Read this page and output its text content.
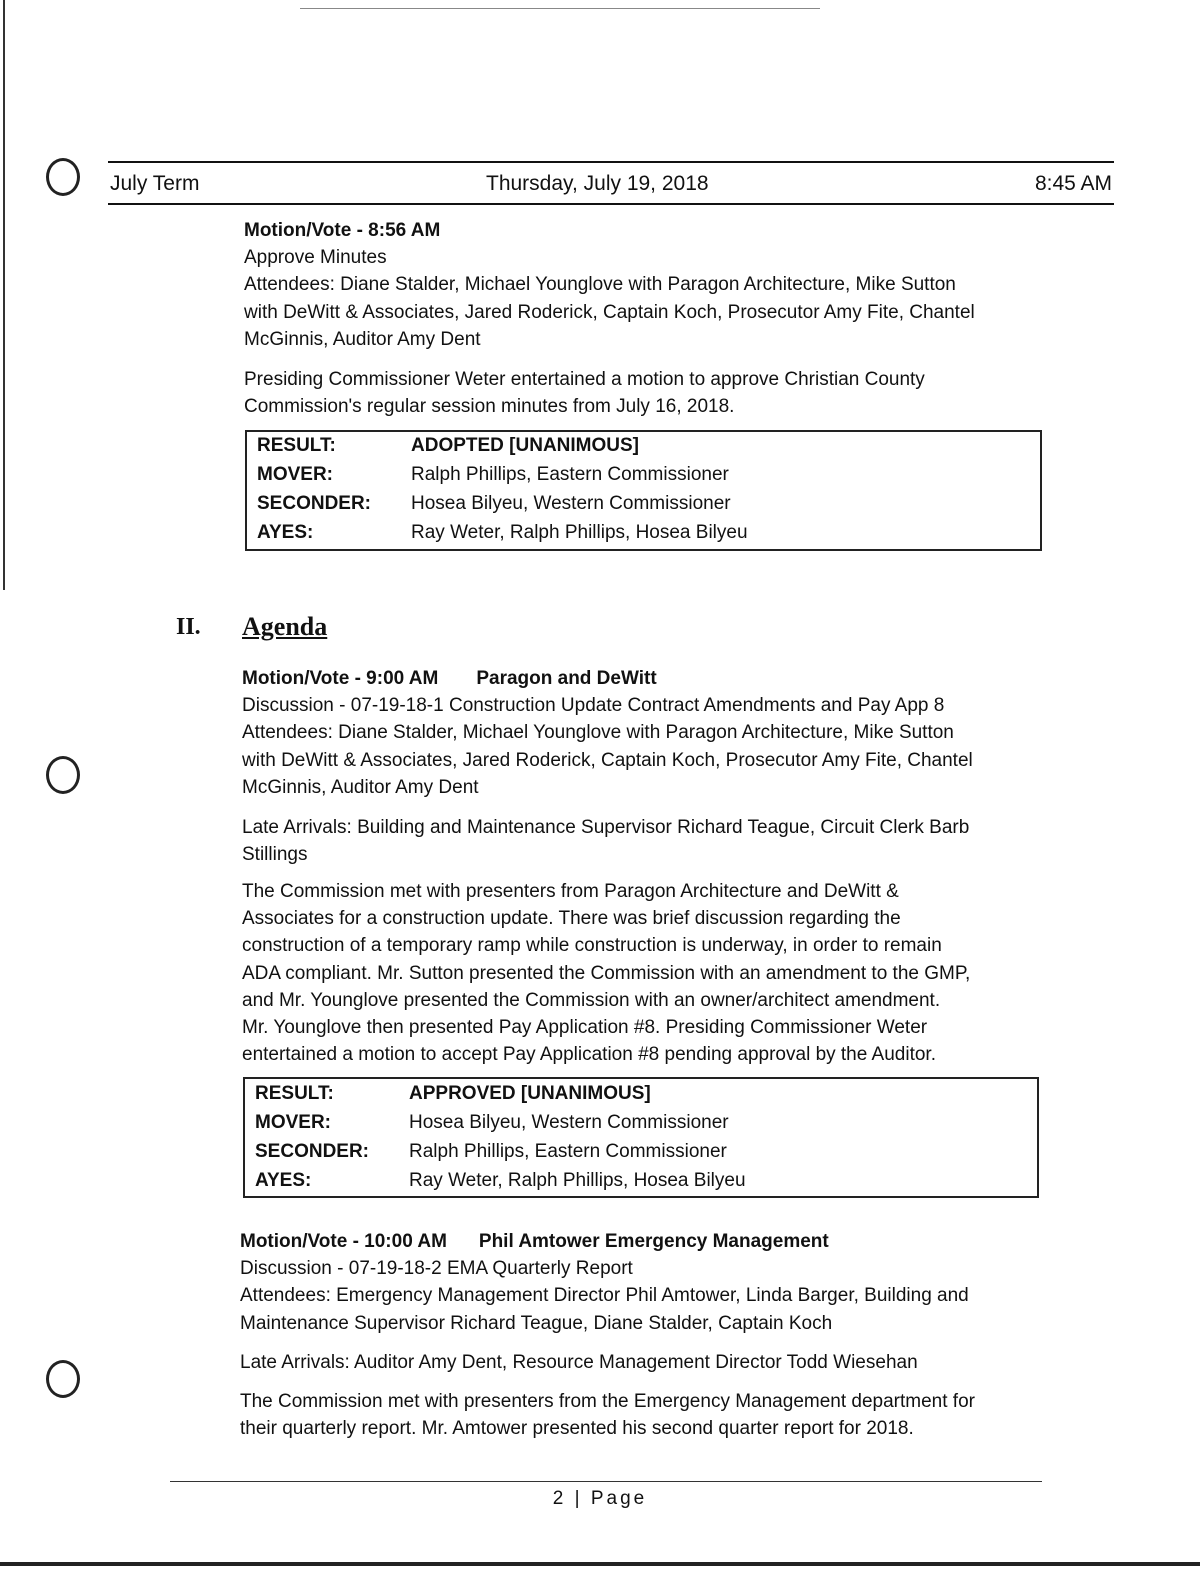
July Term	Thursday, July 19, 2018	8:45 AM
Motion/Vote - 8:56 AM
Approve Minutes
Attendees: Diane Stalder, Michael Younglove with Paragon Architecture, Mike Sutton
with DeWitt & Associates, Jared Roderick, Captain Koch, Prosecutor Amy Fite, Chantel
McGinnis, Auditor Amy Dent
Presiding Commissioner Weter entertained a motion to approve Christian County
Commission's regular session minutes from July 16, 2018.
RESULT:	ADOPTED [UNANIMOUS]
MOVER:	Ralph Phillips, Eastern Commissioner
SECONDER: Hosea Bilyeu, Western Commissioner
AYES:	Ray Weter, Ralph Phillips, Hosea Bilyeu
II. Agenda
Motion/Vote - 9:00 AM Paragon and DeWitt
Discussion - 07-19-18-1 Construction Update Contract Amendments and Pay App 8
Attendees: Diane Stalder, Michael Younglove with Paragon Architecture, Mike Sutton
with DeWitt & Associates, Jared Roderick, Captain Koch, Prosecutor Amy Fite, Chantel
McGinnis, Auditor Amy Dent
Late Arrivals: Building and Maintenance Supervisor Richard Teague, Circuit Clerk Barb
Stillings
The Commission met with presenters from Paragon Architecture and DeWitt &
Associates for a construction update. There was brief discussion regarding the
construction of a temporary ramp while construction is underway, in order to remain
ADA compliant. Mr. Sutton presented the Commission with an amendment to the GMP,
and Mr. Younglove presented the Commission with an owner/architect amendment.
Mr. Younglove then presented Pay Application #8. Presiding Commissioner Weter
entertained a motion to accept Pay Application #8 pending approval by the Auditor.
RESULT:	APPROVED [UNANIMOUS]
MOVER:	Hosea Bilyeu, Western Commissioner
SECONDER: Ralph Phillips, Eastern Commissioner
AYES:	Ray Weter, Ralph Phillips, Hosea Bilyeu
Motion/Vote - 10:00 AM Phil Amtower Emergency Management
Discussion - 07-19-18-2 EMA Quarterly Report
Attendees: Emergency Management Director Phil Amtower, Linda Barger, Building and
Maintenance Supervisor Richard Teague, Diane Stalder, Captain Koch
Late Arrivals: Auditor Amy Dent, Resource Management Director Todd Wiesehan
The Commission met with presenters from the Emergency Management department for
their quarterly report. Mr. Amtower presented his second quarter report for 2018.
2 | Page
